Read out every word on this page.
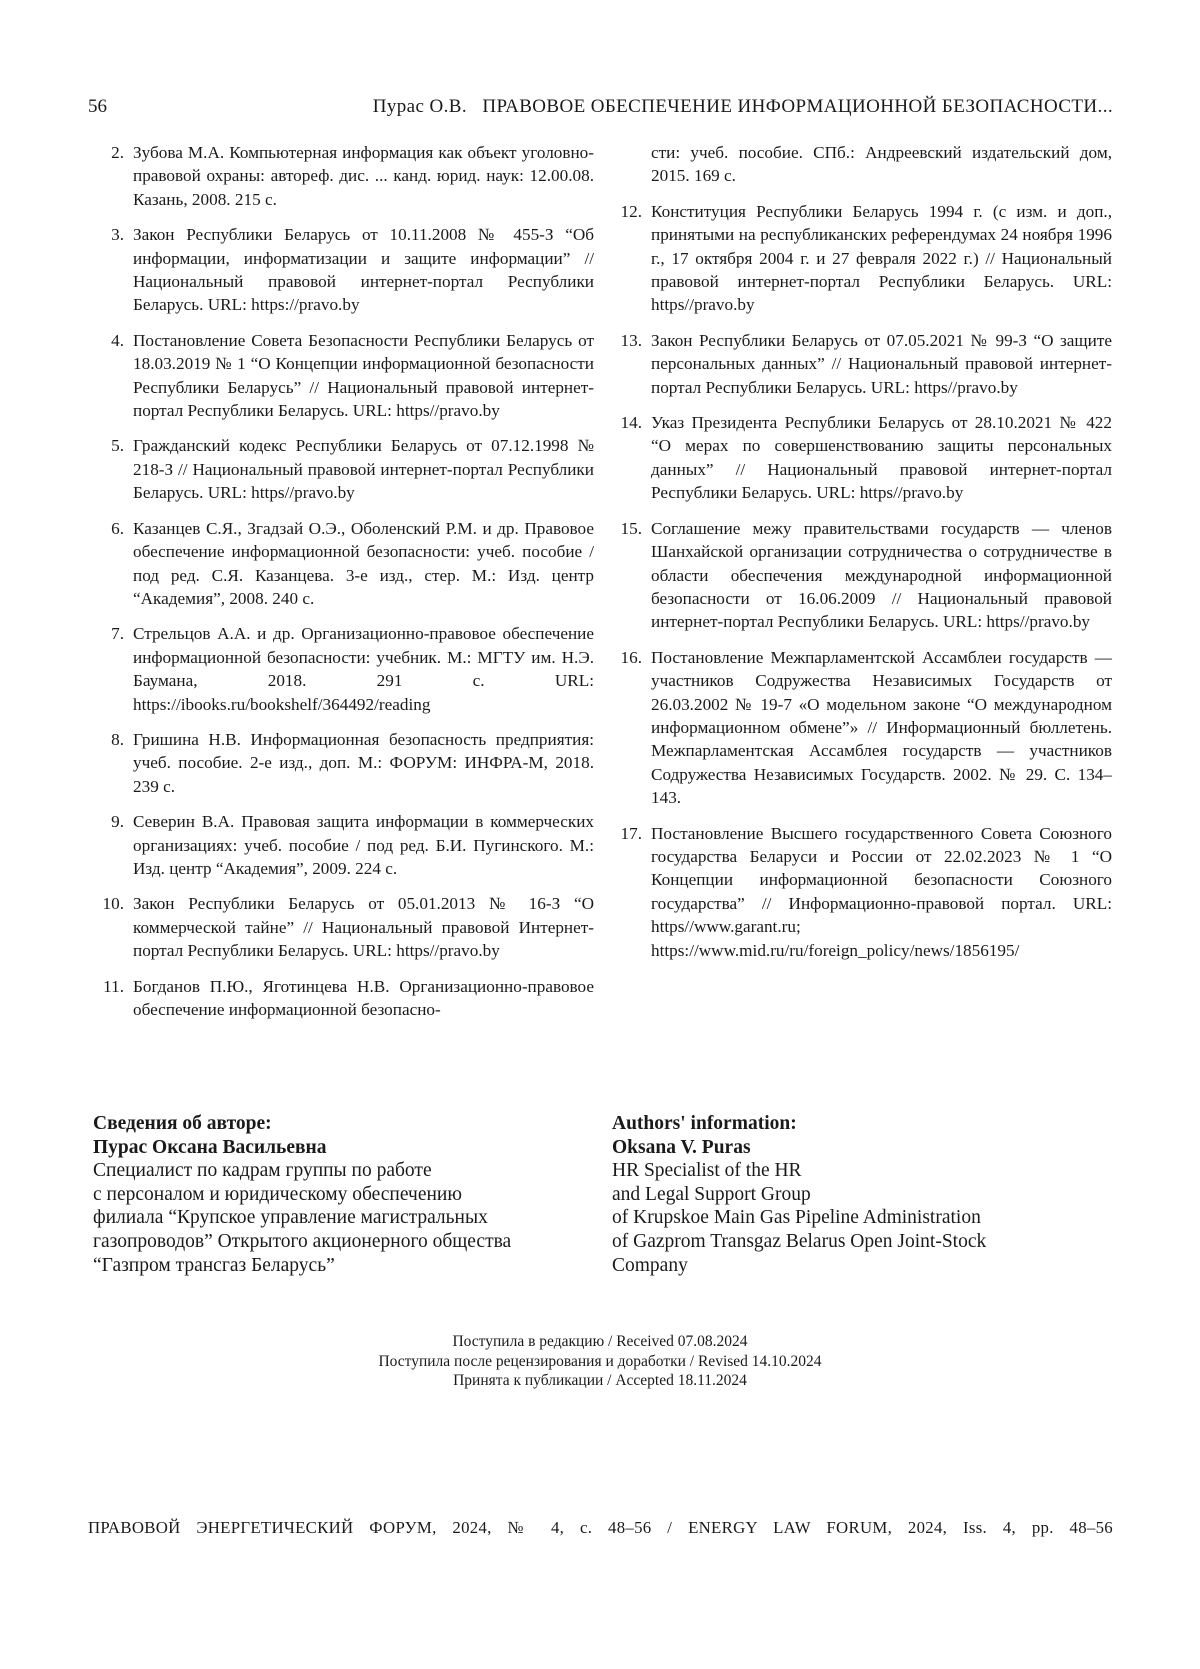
56	Пурас О.В.   ПРАВОВОЕ ОБЕСПЕЧЕНИЕ ИНФОРМАЦИОННОЙ БЕЗОПАСНОСТИ...
2. Зубова М.А. Компьютерная информация как объект уголовно-правовой охраны: автореф. дис. ... канд. юрид. наук: 12.00.08. Казань, 2008. 215 с.
3. Закон Республики Беларусь от 10.11.2008 № 455-З “Об информации, информатизации и защите информации” // Национальный правовой интернет-портал Республики Беларусь. URL: https://pravo.by
4. Постановление Совета Безопасности Республики Беларусь от 18.03.2019 № 1 “О Концепции информационной безопасности Республики Беларусь” // Национальный правовой интернет-портал Республики Беларусь. URL: https//pravo.by
5. Гражданский кодекс Республики Беларусь от 07.12.1998 № 218-З // Национальный правовой интернет-портал Республики Беларусь. URL: https//pravo.by
6. Казанцев С.Я., Згадзай О.Э., Оболенский Р.М. и др. Правовое обеспечение информационной безопасности: учеб. пособие / под ред. С.Я. Казанцева. 3-е изд., стер. М.: Изд. центр “Академия”, 2008. 240 с.
7. Стрельцов А.А. и др. Организационно-правовое обеспечение информационной безопасности: учебник. М.: МГТУ им. Н.Э. Баумана, 2018. 291 с. URL: https://ibooks.ru/bookshelf/364492/reading
8. Гришина Н.В. Информационная безопасность предприятия: учеб. пособие. 2-е изд., доп. М.: ФОРУМ: ИНФРА-М, 2018. 239 с.
9. Северин В.А. Правовая защита информации в коммерческих организациях: учеб. пособие / под ред. Б.И. Пугинского. М.: Изд. центр “Академия”, 2009. 224 с.
10. Закон Республики Беларусь от 05.01.2013 № 16-З “О коммерческой тайне” // Национальный правовой Интернет-портал Республики Беларусь. URL: https//pravo.by
11. Богданов П.Ю., Яготинцева Н.В. Организационно-правовое обеспечение информационной безопасно-
сти: учеб. пособие. СПб.: Андреевский издательский дом, 2015. 169 с.
12. Конституция Республики Беларусь 1994 г. (с изм. и доп., принятыми на республиканских референдумах 24 ноября 1996 г., 17 октября 2004 г. и 27 февраля 2022 г.) // Национальный правовой интернет-портал Республики Беларусь. URL: https//pravo.by
13. Закон Республики Беларусь от 07.05.2021 № 99-З “О защите персональных данных” // Национальный правовой интернет-портал Республики Беларусь. URL: https//pravo.by
14. Указ Президента Республики Беларусь от 28.10.2021 № 422 “О мерах по совершенствованию защиты персональных данных” // Национальный правовой интернет-портал Республики Беларусь. URL: https//pravo.by
15. Соглашение межу правительствами государств — членов Шанхайской организации сотрудничества о сотрудничестве в области обеспечения международной информационной безопасности от 16.06.2009 // Национальный правовой интернет-портал Республики Беларусь. URL: https//pravo.by
16. Постановление Межпарламентской Ассамблеи государств — участников Содружества Независимых Государств от 26.03.2002 № 19-7 «О модельном законе “О международном информационном обмене”» // Информационный бюллетень. Межпарламентская Ассамблея государств — участников Содружества Независимых Государств. 2002. № 29. С. 134–143.
17. Постановление Высшего государственного Совета Союзного государства Беларуси и России от 22.02.2023 № 1 “О Концепции информационной безопасности Союзного государства” // Информационно-правовой портал. URL: https//www.garant.ru; https://www.mid.ru/ru/foreign_policy/news/1856195/
Сведения об авторе:
Пурас Оксана Васильевна
Специалист по кадрам группы по работе
с персоналом и юридическому обеспечению
филиала “Крупское управление магистральных
газопроводов” Открытого акционерного общества
“Газпром трансгаз Беларусь”
Authors' information:
Oksana V. Puras
HR Specialist of the HR
and Legal Support Group
of Krupskoe Main Gas Pipeline Administration
of Gazprom Transgaz Belarus Open Joint-Stock
Company
Поступила в редакцию / Received 07.08.2024
Поступила после рецензирования и доработки / Revised 14.10.2024
Принята к публикации / Accepted 18.11.2024
ПРАВОВОЙ ЭНЕРГЕТИЧЕСКИЙ ФОРУМ, 2024, № 4, с. 48–56 / ENERGY LAW FORUM, 2024, Iss. 4, pp. 48–56
